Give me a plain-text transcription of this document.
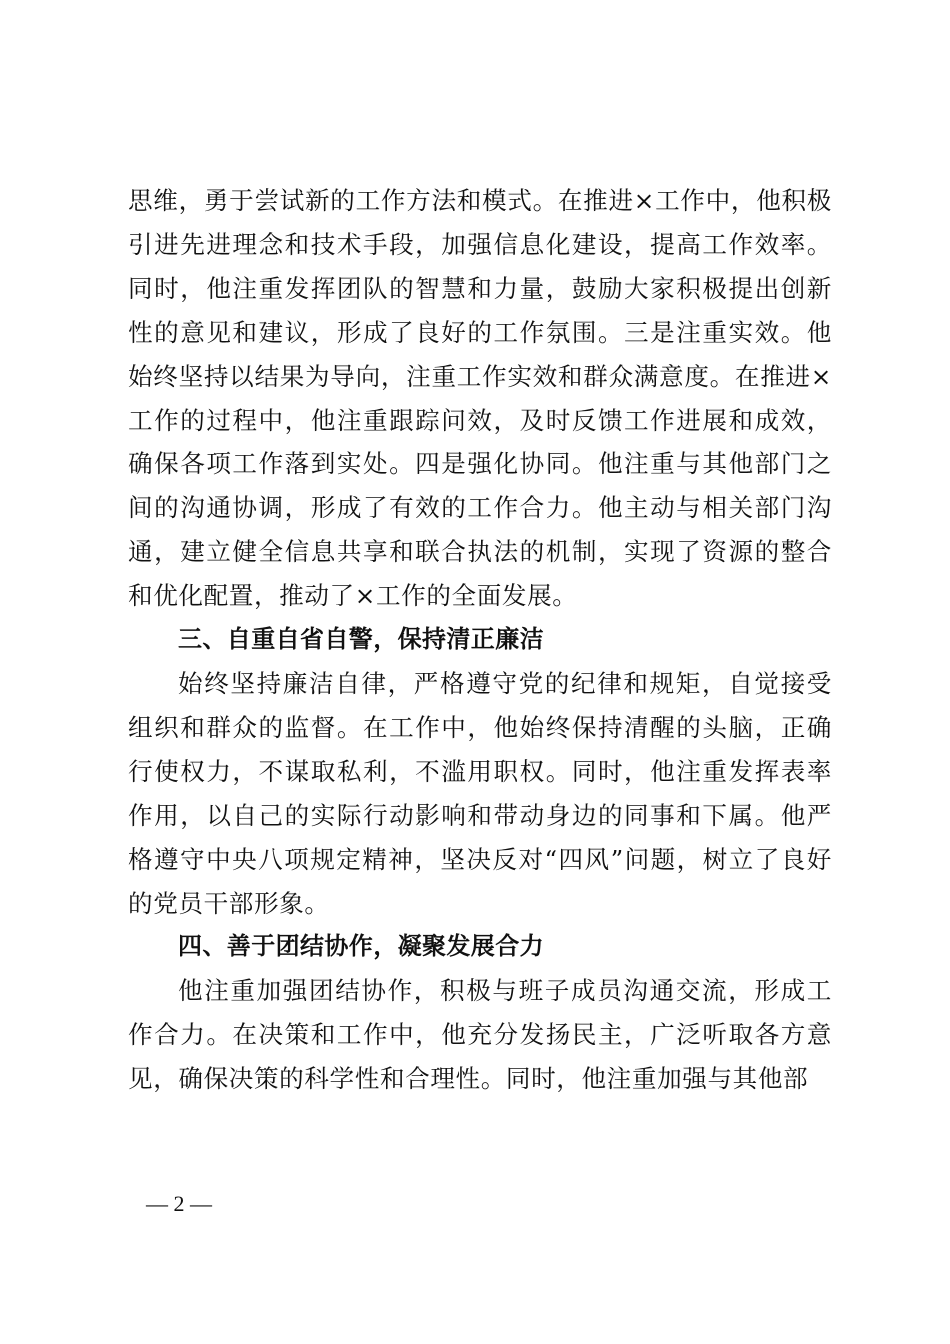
思维，勇于尝试新的工作方法和模式。在推进×工作中，他积极引进先进理念和技术手段，加强信息化建设，提高工作效率。同时，他注重发挥团队的智慧和力量，鼓励大家积极提出创新性的意见和建议，形成了良好的工作氛围。三是注重实效。他始终坚持以结果为导向，注重工作实效和群众满意度。在推进×工作的过程中，他注重跟踪问效，及时反馈工作进展和成效，确保各项工作落到实处。四是强化协同。他注重与其他部门之间的沟通协调，形成了有效的工作合力。他主动与相关部门沟通，建立健全信息共享和联合执法的机制，实现了资源的整合和优化配置，推动了×工作的全面发展。

三、自重自省自警，保持清正廉洁

始终坚持廉洁自律，严格遵守党的纪律和规矩，自觉接受组织和群众的监督。在工作中，他始终保持清醒的头脑，正确行使权力，不谋取私利，不滥用职权。同时，他注重发挥表率作用，以自己的实际行动影响和带动身边的同事和下属。他严格遵守中央八项规定精神，坚决反对“四风”问题，树立了良好的党员干部形象。

四、善于团结协作，凝聚发展合力

他注重加强团结协作，积极与班子成员沟通交流，形成工作合力。在决策和工作中，他充分发扬民主，广泛听取各方意见，确保决策的科学性和合理性。同时，他注重加强与其他部

— 2 —
